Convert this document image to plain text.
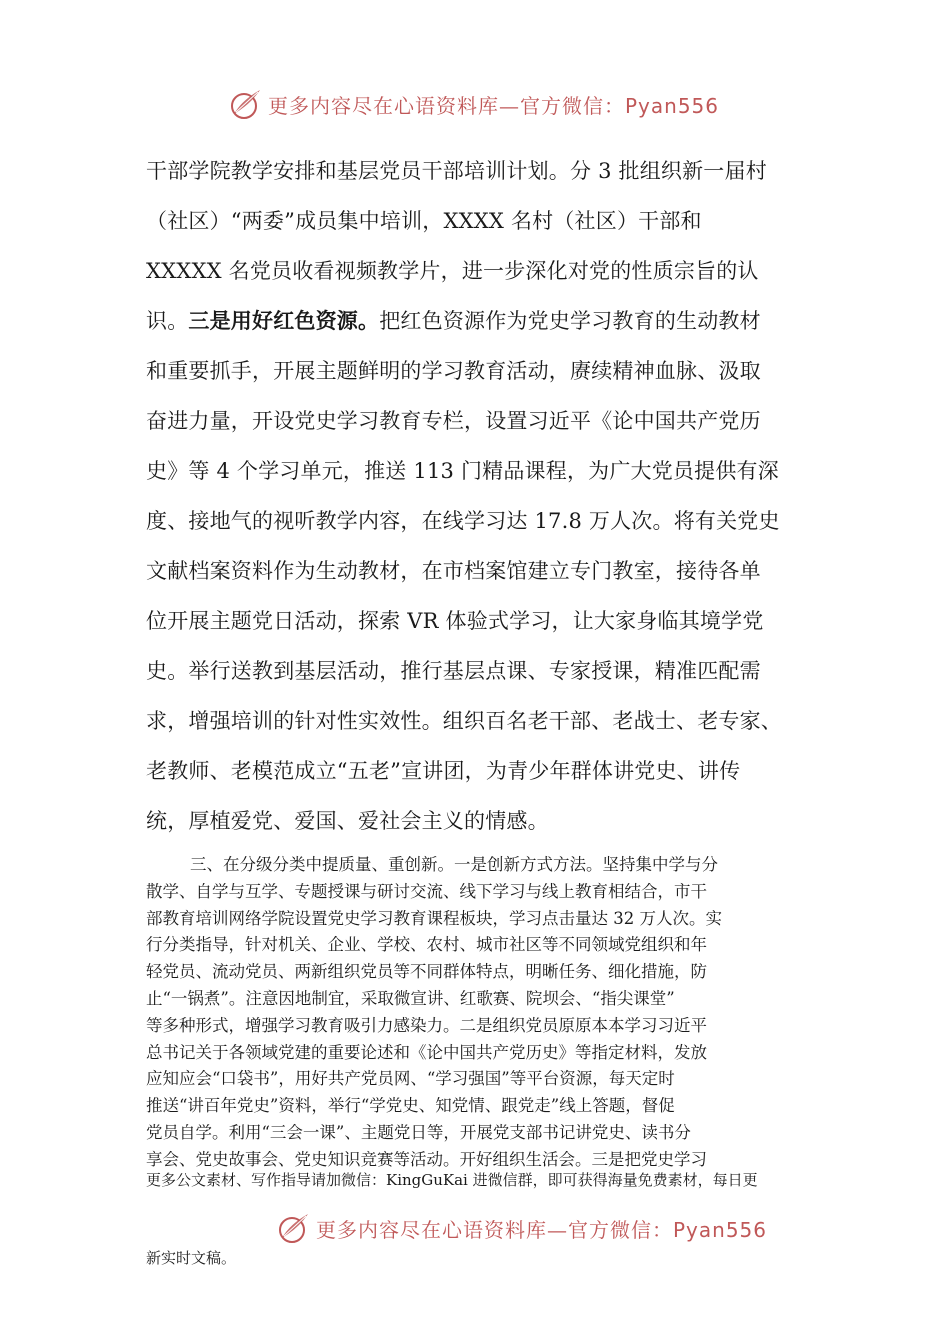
更多内容尽在心语资料库—官方微信：Pyan556
干部学院教学安排和基层党员干部培训计划。分 3 批组织新一届村
（社区）“两委”成员集中培训，XXXX 名村（社区）干部和
XXXXX 名党员收看视频教学片，进一步深化对党的性质宗旨的认
识。三是用好红色资源。把红色资源作为党史学习教育的生动教材
和重要抓手，开展主题鲜明的学习教育活动，赓续精神血脉、汲取
奋进力量，开设党史学习教育专栏，设置习近平《论中国共产党历
史》等 4 个学习单元，推送 113 门精品课程，为广大党员提供有深
度、接地气的视听教学内容，在线学习达 17.8 万人次。将有关党史
文献档案资料作为生动教材，在市档案馆建立专门教室，接待各单
位开展主题党日活动，探索 VR 体验式学习，让大家身临其境学党
史。举行送教到基层活动，推行基层点课、专家授课，精准匹配需
求，增强培训的针对性实效性。组织百名老干部、老战士、老专家、
老教师、老模范成立“五老”宣讲团，为青少年群体讲党史、讲传
统，厚植爱党、爱国、爱社会主义的情感。
三、在分级分类中提质量、重创新。一是创新方式方法。坚持集中学与分
散学、自学与互学、专题授课与研讨交流、线下学习与线上教育相结合，市干
部教育培训网络学院设置党史学习教育课程板块，学习点击量达 32 万人次。实
行分类指导，针对机关、企业、学校、农村、城市社区等不同领域党组织和年
轻党员、流动党员、两新组织党员等不同群体特点，明晰任务、细化措施，防
止“一锅煮”。注意因地制宜，采取微宣讲、红歌赛、院坝会、“指尖课堂”
等多种形式，增强学习教育吸引力感染力。二是组织党员原原本本学习习近平
总书记关于各领域党建的重要论述和《论中国共产党历史》等指定材料，发放
应知应会“口袋书”，用好共产党员网、“学习强国”等平台资源，每天定时
推送“讲百年党史”资料，举行“学党史、知党情、跟党走”线上答题，督促
党员自学。利用“三会一课”、主题党日等，开展党支部书记讲党史、读书分
享会、党史故事会、党史知识竞赛等活动。开好组织生活会。三是把党史学习
更多公文素材、写作指导请加微信：KingGuKai 进微信群，即可获得海量免费素材，每日更
更多内容尽在心语资料库—官方微信：Pyan556
新实时文稿。
